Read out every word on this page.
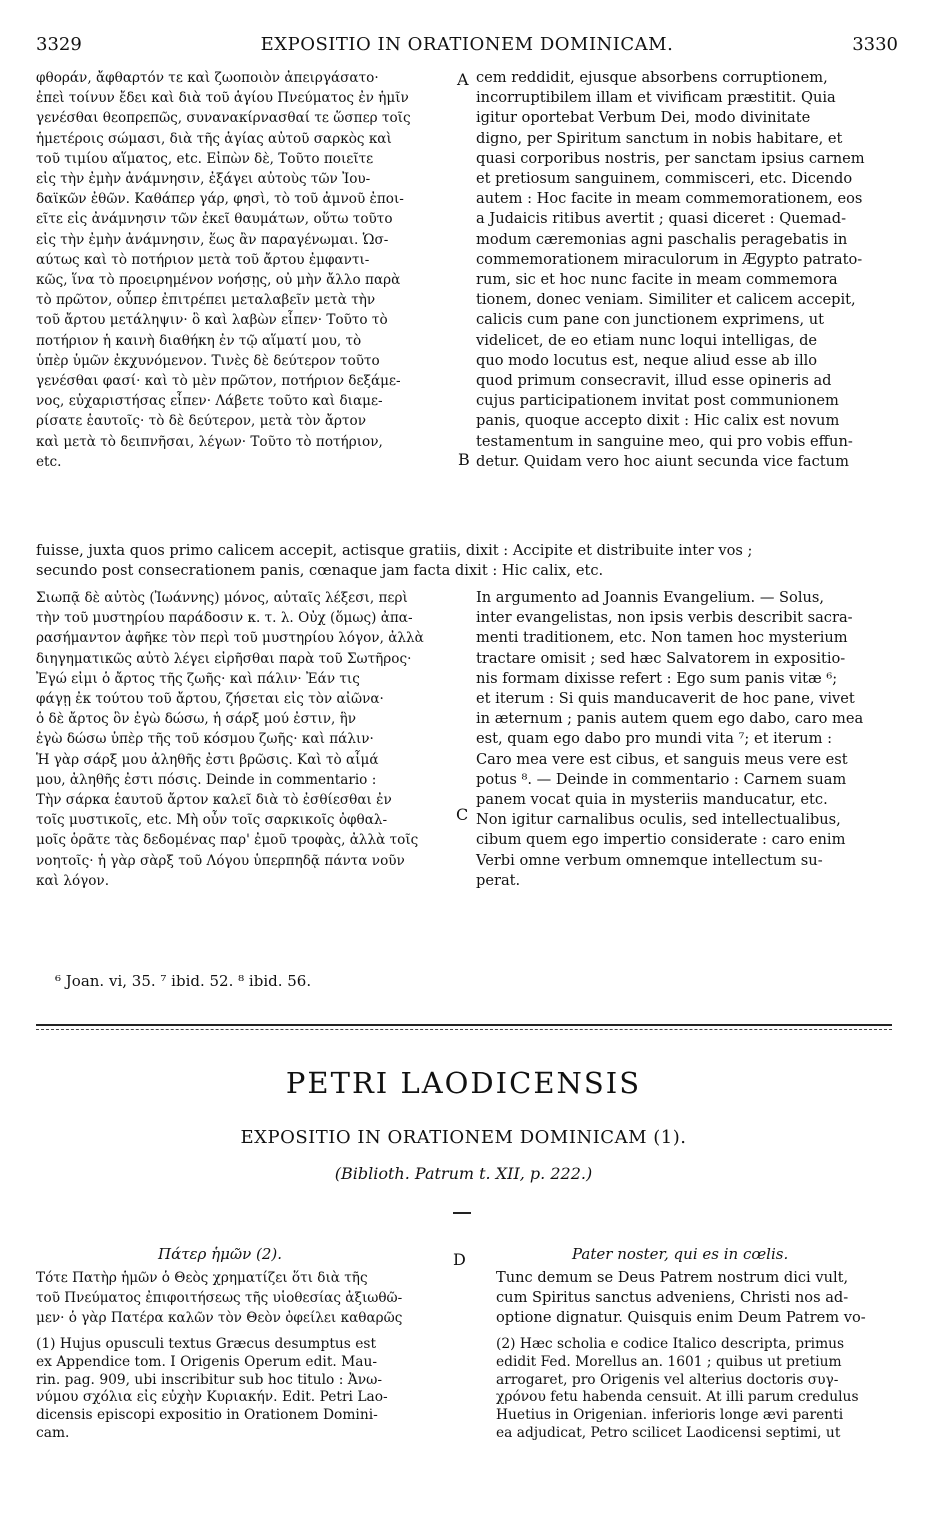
3329	EXPOSITIO IN ORATIONEM DOMINICAM.	3330
φθοράν, ἄφθαρτόν τε καὶ ζωοποιὸν ἀπειργάσατο·
ἐπεὶ τοίνυν ἔδει καὶ διὰ τοῦ ἁγίου Πνεύματος ἐν ἡμῖν
γενέσθαι θεοπρεπῶς, συνανακίρνασθαί τε ὥσπερ τοῖς
ἡμετέροις σώμασι, διὰ τῆς ἁγίας αὐτοῦ σαρκὸς καὶ
τοῦ τιμίου αἵματος, etc. Εἰπὼν δὲ, Τοῦτο ποιεῖτε
εἰς τὴν ἐμὴν ἀνάμνησιν, ἐξάγει αὐτοὺς τῶν Ἰου-
δαϊκῶν ἐθῶν. Καθάπερ γάρ, φησὶ, τὸ τοῦ ἀμνοῦ ἐποι-
εῖτε εἰς ἀνάμνησιν τῶν ἐκεῖ θαυμάτων, οὕτω τοῦτο
εἰς τὴν ἐμὴν ἀνάμνησιν, ἕως ἂν παραγένωμαι. Ὡσ-
αύτως καὶ τὸ ποτήριον μετὰ τοῦ ἄρτου ἐμφαντι-
κῶς, ἵνα τὸ προειρημένον νοήσῃς, οὐ μὴν ἄλλο παρὰ
τὸ πρῶτον, οὗπερ ἐπιτρέπει μεταλαβεῖν μετὰ τὴν
τοῦ ἄρτου μετάληψιν· ὃ καὶ λαβὼν εἶπεν· Τοῦτο τὸ
ποτήριον ἡ καινὴ διαθήκη ἐν τῷ αἵματί μου, τὸ
ὑπὲρ ὑμῶν ἐκχυνόμενον. Τινὲς δὲ δεύτερον τοῦτο
γενέσθαι φασί· καὶ τὸ μὲν πρῶτον, ποτήριον δεξάμε-
νος, εὐχαριστήσας εἶπεν· Λάβετε τοῦτο καὶ διαμε-
ρίσατε ἑαυτοῖς· τὸ δὲ δεύτερον, μετὰ τὸν ἄρτον
καὶ μετὰ τὸ δειπνῆσαι, λέγων· Τοῦτο τὸ ποτήριον,
etc.
A cem reddidit, ejusque absorbens corruptionem,
incorruptibilem illam et vivificam præstitit. Quia
igitur oportebat Verbum Dei, modo divinitate
digno, per Spiritum sanctum in nobis habitare, et
quasi corporibus nostris, per sanctam ipsius carnem
et pretiosum sanguinem, commisceri, etc. Dicendo
autem : Hoc facite in meam commemorationem, eos
a Judaicis ritibus avertit ; quasi diceret : Quemad-
modum cæremonias agni paschalis peragebatis in
commemorationem miraculorum in Ægypto patrato-
rum, sic et hoc nunc facite in meam commemora
tionem, donec veniam. Similiter et calicem accepit,
calicis cum pane con junctionem exprimens, ut
videlicet, de eo etiam nunc loqui intelligas, de
quo modo locutus est, neque aliud esse ab illo
quod primum consecravit, illud esse opineris ad
cujus participationem invitat post communionem
panis, quoque accepto dixit : Hic calix est novum
testamentum in sanguine meo, qui pro vobis effun-
detur. Quidam vero hoc aiunt secunda vice factum
B
fuisse, juxta quos primo calicem accepit, actisque gratiis, dixit : Accipite et distribuite inter vos ;
secundo post consecrationem panis, cœnaque jam facta dixit : Hic calix, etc.
Σιωπᾷ δὲ αὐτὸς (Ἰωάννης) μόνος, αὐταῖς λέξεσι, περὶ
τὴν τοῦ μυστηρίου παράδοσιν κ. τ. λ. Οὐχ (ὅμως) ἀπα-
ρασήμαντον ἀφῆκε τὸν περὶ τοῦ μυστηρίου λόγον, ἀλλὰ
διηγηματικῶς αὐτὸ λέγει εἰρῆσθαι παρὰ τοῦ Σωτῆρος·
Ἐγώ εἰμι ὁ ἄρτος τῆς ζωῆς· καὶ πάλιν· Ἐάν τις
φάγῃ ἐκ τούτου τοῦ ἄρτου, ζήσεται εἰς τὸν αἰῶνα·
ὁ δὲ ἄρτος ὃν ἐγὼ δώσω, ἡ σάρξ μού ἐστιν, ἣν
ἐγὼ δώσω ὑπὲρ τῆς τοῦ κόσμου ζωῆς· καὶ πάλιν·
Ἡ γὰρ σάρξ μου ἀληθῆς ἐστι βρῶσις. Καὶ τὸ αἷμά
μου, ἀληθῆς ἐστι πόσις. Deinde in commentario :
Τὴν σάρκα ἑαυτοῦ ἄρτον καλεῖ διὰ τὸ ἐσθίεσθαι ἐν
τοῖς μυστικοῖς, etc. Μὴ οὖν τοῖς σαρκικοῖς ὀφθαλ-
μοῖς ὁρᾶτε τὰς δεδομένας παρ' ἐμοῦ τροφὰς, ἀλλὰ τοῖς
νοητοῖς· ἡ γὰρ σὰρξ τοῦ Λόγου ὑπερπηδᾷ πάντα νοῦν
καὶ λόγον.
C
In argumento ad Joannis Evangelium. — Solus,
inter evangelistas, non ipsis verbis describit sacra-
menti traditionem, etc. Non tamen hoc mysterium
tractare omisit ; sed hæc Salvatorem in expositio-
nis formam dixisse refert : Ego sum panis vitæ ⁶;
et iterum : Si quis manducaverit de hoc pane, vivet
in æternum ; panis autem quem ego dabo, caro mea
est, quam ego dabo pro mundi vita ⁷; et iterum :
Caro mea vere est cibus, et sanguis meus vere est
potus ⁸. — Deinde in commentario : Carnem suam
panem vocat quia in mysteriis manducatur, etc.
Non igitur carnalibus oculis, sed intellectualibus,
cibum quem ego impertio considerate : caro enim
Verbi omne verbum omnemque intellectum su-
perat.
⁶ Joan. vi, 35. ⁷ ibid. 52. ⁸ ibid. 56.
PETRI LAODICENSIS
EXPOSITIO IN ORATIONEM DOMINICAM (1).
(Biblioth. Patrum t. XII, p. 222.)
Πάτερ ἡμῶν (2).	D	Pater noster, qui es in cœlis.
Τότε Πατὴρ ἡμῶν ὁ Θεὸς χρηματίζει ὅτι διὰ τῆς
τοῦ Πνεύματος ἐπιφοιτήσεως τῆς υἱοθεσίας ἀξιωθῶ-
μεν· ὁ γὰρ Πατέρα καλῶν τὸν Θεὸν ὀφείλει καθαρῶς
Tunc demum se Deus Patrem nostrum dici vult,
cum Spiritus sanctus adveniens, Christi nos ad-
optione dignatur. Quisquis enim Deum Patrem vo-
(1) Hujus opusculi textus Græcus desumptus est
ex Appendice tom. I Origenis Operum edit. Mau-
rin. pag. 909, ubi inscribitur sub hoc titulo : Ἀνω-
νύμου σχόλια εἰς εὐχὴν Κυριακήν. Edit. Petri Lao-
dicensis episcopi expositio in Orationem Domini-
cam.
(2) Hæc scholia e codice Italico descripta, primus
edidit Fed. Morellus an. 1601 ; quibus ut pretium
arrogaret, pro Origenis vel alterius doctoris συγ-
χρόνου fetu habenda censuit. At illi parum credulus
Huetius in Origenian. inferioris longe ævi parenti
ea adjudicat, Petro scilicet Laodicensi septimi, ut
